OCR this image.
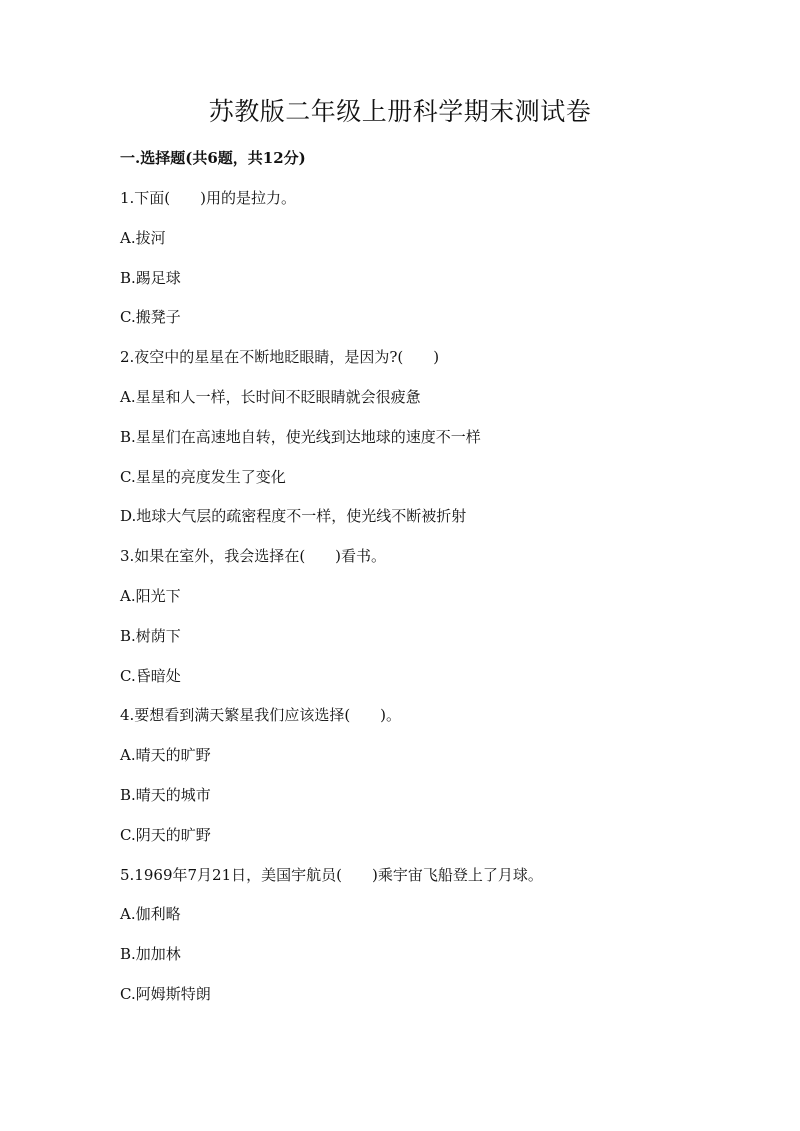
苏教版二年级上册科学期末测试卷
一.选择题(共6题，共12分)
1.下面(　　)用的是拉力。
A.拔河
B.踢足球
C.搬凳子
2.夜空中的星星在不断地眨眼睛，是因为?(　　)
A.星星和人一样，长时间不眨眼睛就会很疲惫
B.星星们在高速地自转，使光线到达地球的速度不一样
C.星星的亮度发生了变化
D.地球大气层的疏密程度不一样，使光线不断被折射
3.如果在室外，我会选择在(　　)看书。
A.阳光下
B.树荫下
C.昏暗处
4.要想看到满天繁星我们应该选择(　　)。
A.晴天的旷野
B.晴天的城市
C.阴天的旷野
5.1969年7月21日，美国宇航员(　　)乘宇宙飞船登上了月球。
A.伽利略
B.加加林
C.阿姆斯特朗
